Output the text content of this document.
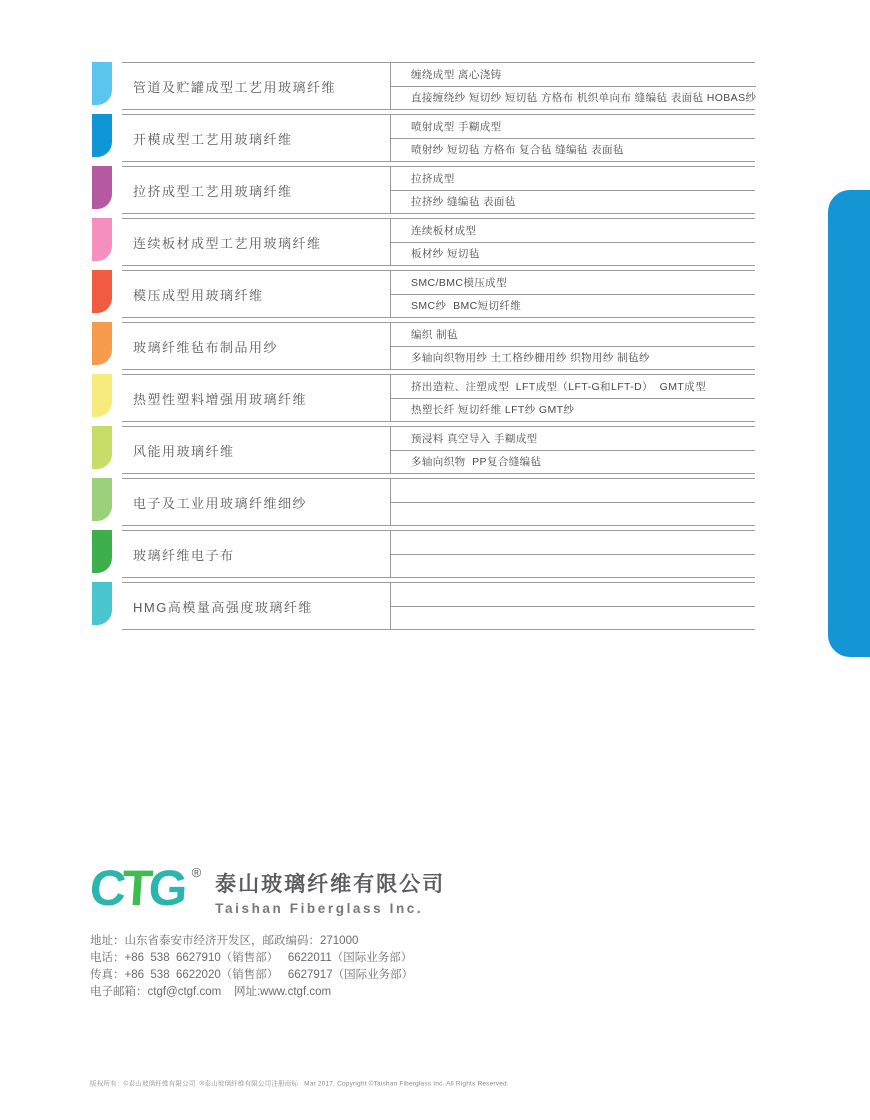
管道及贮罐成型工艺用玻璃纤维
缠绕成型 离心浇铸
直接缠绕纱 短切纱 短切毡 方格布 机织单向布 缝编毡 表面毡 HOBAS纱
开模成型工艺用玻璃纤维
喷射成型 手糊成型
喷射纱 短切毡 方格布 复合毡 缝编毡 表面毡
拉挤成型工艺用玻璃纤维
拉挤成型
拉挤纱 缝编毡 表面毡
连续板材成型工艺用玻璃纤维
连续板材成型
板材纱 短切毡
模压成型用玻璃纤维
SMC/BMC模压成型
SMC纱  BMC短切纤维
玻璃纤维毡布制品用纱
编织 制毡
多轴向织物用纱 土工格纱栅用纱 织物用纱 制毡纱
热塑性塑料增强用玻璃纤维
挤出造粒、注塑成型  LFT成型（LFT-G和LFT-D）  GMT成型
热塑长纤 短切纤维 LFT纱 GMT纱
风能用玻璃纤维
预浸料 真空导入 手糊成型
多轴向织物  PP复合缝编毡
电子及工业用玻璃纤维细纱
玻璃纤维电子布
HMG高模量高强度玻璃纤维
CTG ®
泰山玻璃纤维有限公司
Taishan Fiberglass Inc.
地址：山东省泰安市经济开发区，邮政编码：271000
电话：+86  538  6627910（销售部）   6622011（国际业务部）
传真：+86  538  6622020（销售部）   6627917（国际业务部）
电子邮箱：ctgf@ctgf.com    网址:www.ctgf.com
版权所有：©泰山玻璃纤维有限公司  ®泰山玻璃纤维有限公司注册商标   Mar 2017, Copyright ©Taishan Fiberglass Inc. All Rights Reserved.
